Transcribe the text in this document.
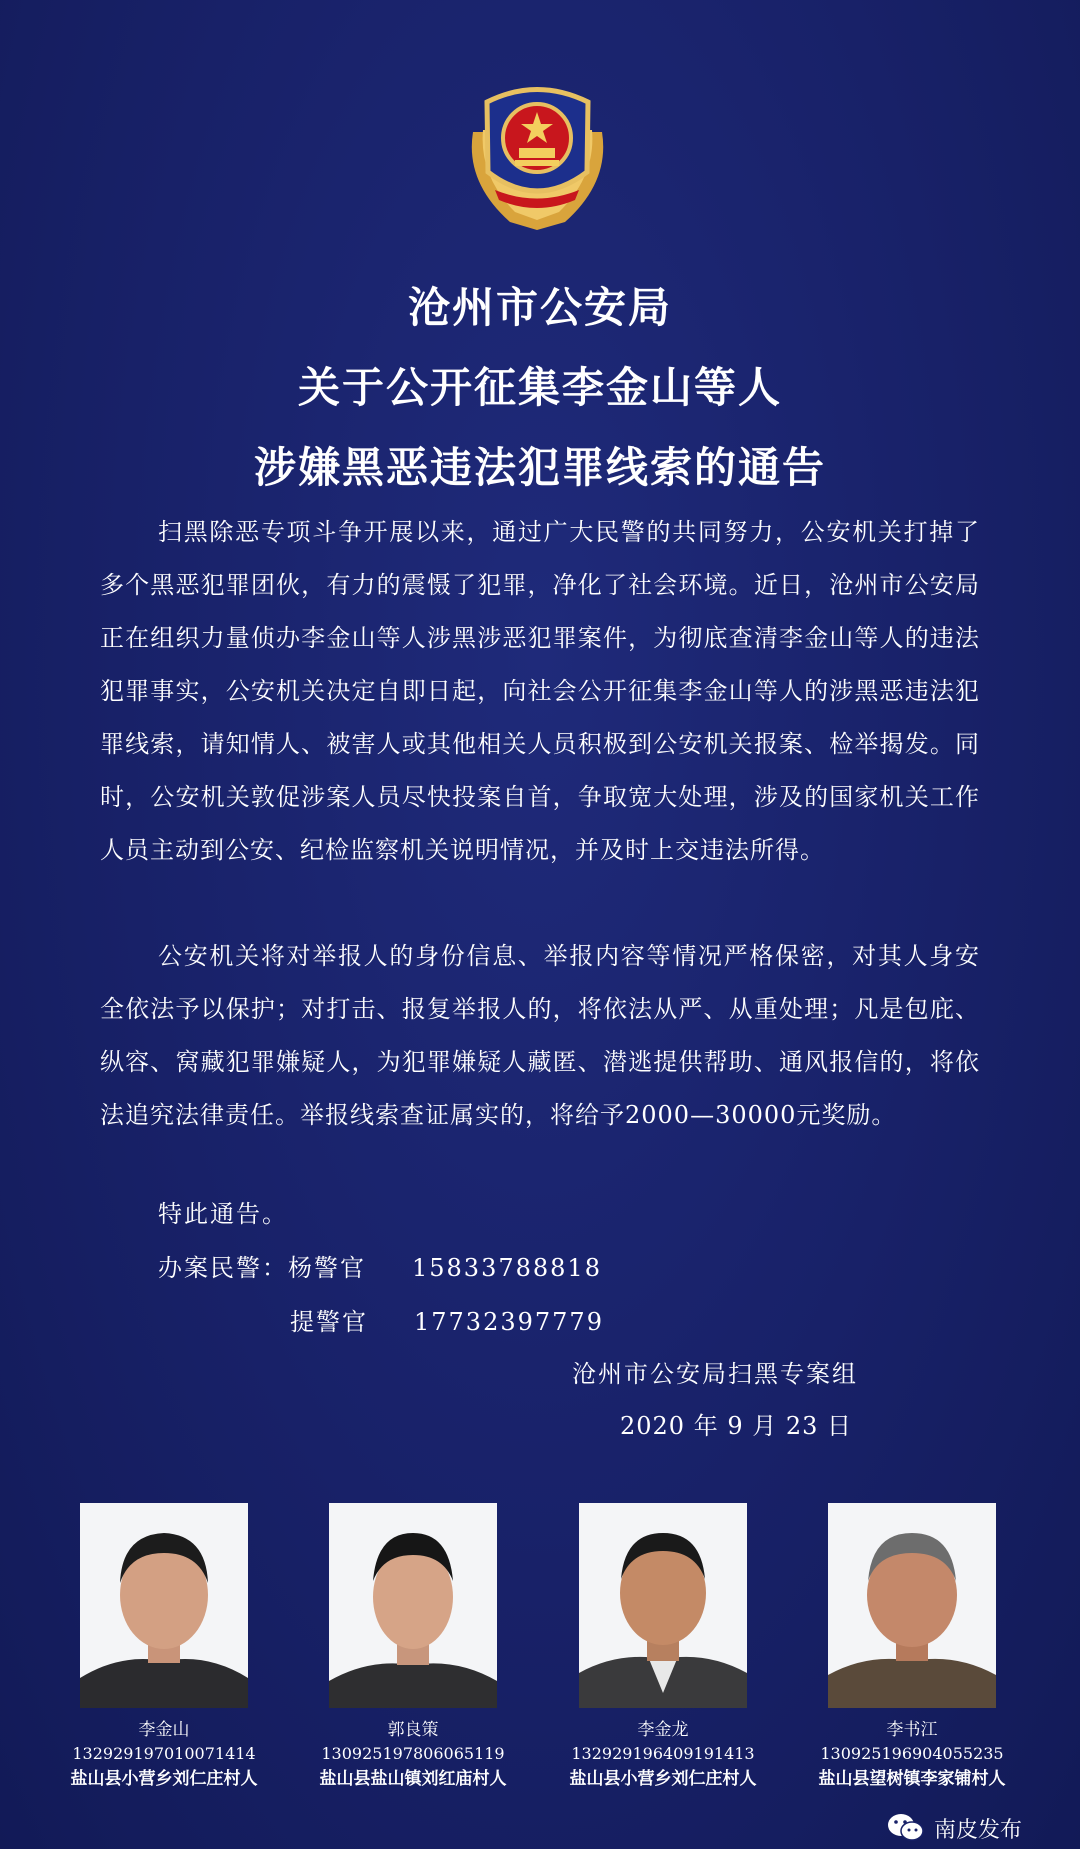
沧州市公安局
关于公开征集李金山等人
涉嫌黑恶违法犯罪线索的通告

扫黑除恶专项斗争开展以来，通过广大民警的共同努力，公安机关打掉了多个黑恶犯罪团伙，有力的震慑了犯罪，净化了社会环境。近日，沧州市公安局正在组织力量侦办李金山等人涉黑涉恶犯罪案件，为彻底查清李金山等人的违法犯罪事实，公安机关决定自即日起，向社会公开征集李金山等人的涉黑恶违法犯罪线索，请知情人、被害人或其他相关人员积极到公安机关报案、检举揭发。同时，公安机关敦促涉案人员尽快投案自首，争取宽大处理，涉及的国家机关工作人员主动到公安、纪检监察机关说明情况，并及时上交违法所得。

公安机关将对举报人的身份信息、举报内容等情况严格保密，对其人身安全依法予以保护；对打击、报复举报人的，将依法从严、从重处理；凡是包庇、纵容、窝藏犯罪嫌疑人，为犯罪嫌疑人藏匿、潜逃提供帮助、通风报信的，将依法追究法律责任。举报线索查证属实的，将给予2000—30000元奖励。

特此通告。
办案民警：杨警官 15833788818
提警官 17732397779
沧州市公安局扫黑专案组
2020 年 9 月 23 日
李金山
132929197010071414
盐山县小营乡刘仁庄村人
郭良策
130925197806065119
盐山县盐山镇刘红庙村人
李金龙
132929196409191413
盐山县小营乡刘仁庄村人
李书江
130925196904055235
盐山县望树镇李家铺村人
南皮发布
